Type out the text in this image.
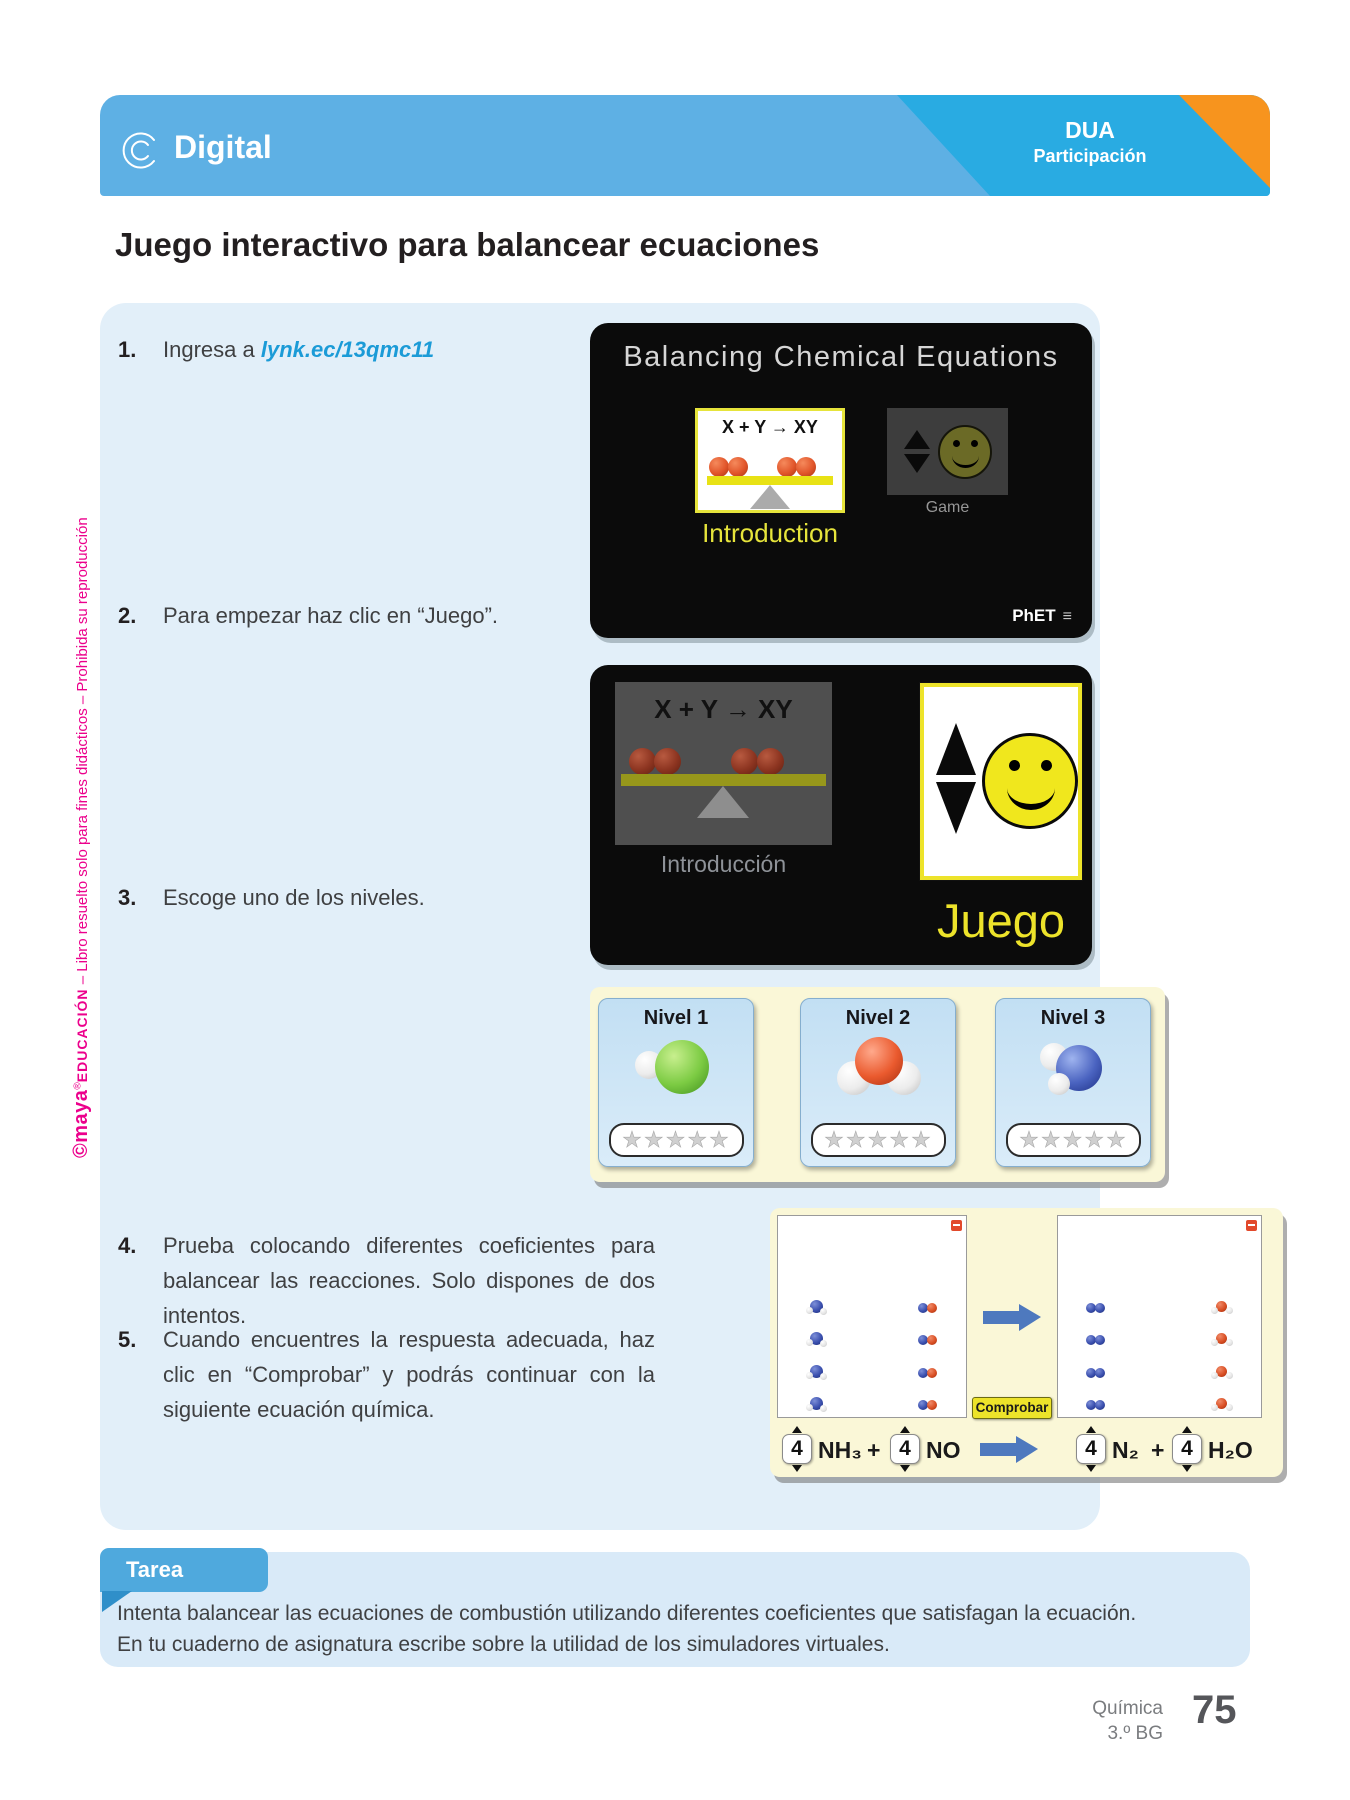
©maya®EDUCACIÓN – Libro resuelto solo para fines didácticos – Prohibida su reproducción
Digital	DUA
Participación
Juego interactivo para balancear ecuaciones
1.	Ingresa a lynk.ec/13qmc11
2.	Para empezar haz clic en “Juego”.
3.	Escoge uno de los niveles.
4.	Prueba colocando diferentes coeficientes para balancear las reacciones. Solo dispones de dos intentos.
5.	Cuando encuentres la respuesta adecuada, haz clic en “Comprobar” y podrás continuar con la siguiente ecuación química.
Balancing Chemical Equations
X + Y → XY
Introduction
Game
PhET ≡
X + Y → XY
Introducción
Juego
Nivel 1
★★★★★
Nivel 2
★★★★★
Nivel 3
★★★★★
Comprobar
4 NH₃ + 4 NO	4 N₂ + 4 H₂O
Tarea
Intenta balancear las ecuaciones de combustión utilizando diferentes coeficientes que satisfagan la ecuación.
En tu cuaderno de asignatura escribe sobre la utilidad de los simuladores virtuales.
Química
3.º BG
75
